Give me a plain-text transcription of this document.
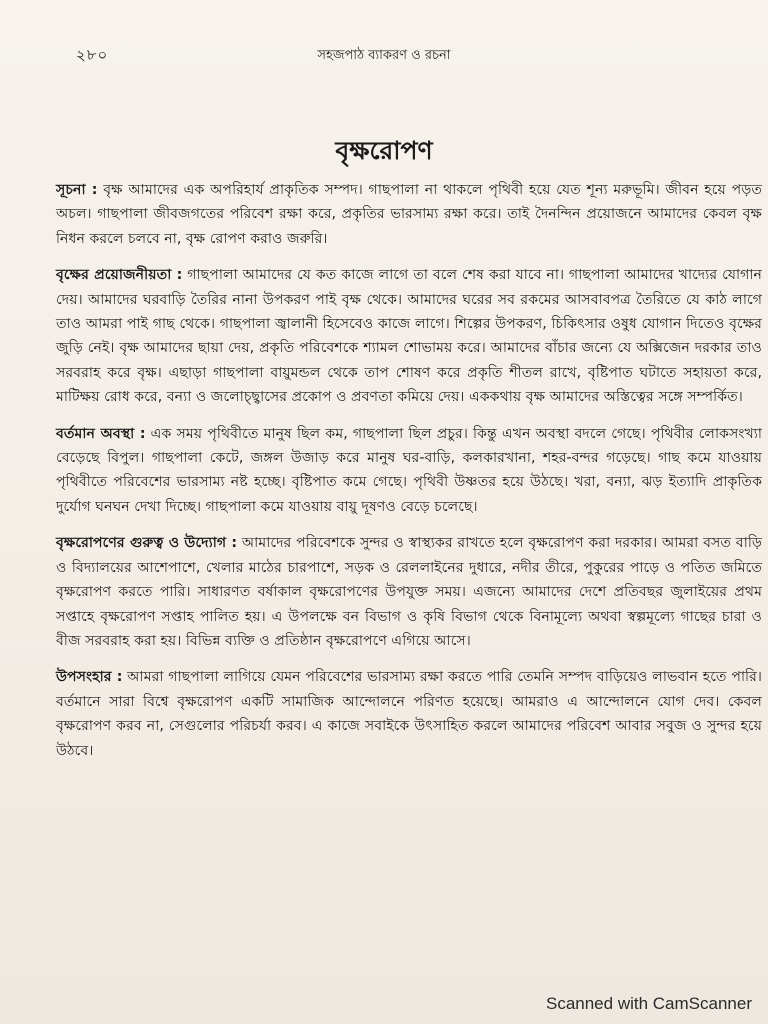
২৮০	সহজপাঠ ব্যাকরণ ও রচনা
বৃক্ষরোপণ

সূচনা : বৃক্ষ আমাদের এক অপরিহার্য প্রাকৃতিক সম্পদ। গাছপালা না থাকলে পৃথিবী হয়ে যেত শূন্য মরুভূমি। জীবন হয়ে পড়ত অচল। গাছপালা জীবজগতের পরিবেশ রক্ষা করে, প্রকৃতির ভারসাম্য রক্ষা করে। তাই দৈনন্দিন প্রয়োজনে আমাদের কেবল বৃক্ষ নিধন করলে চলবে না, বৃক্ষ রোপণ করাও জরুরি।

বৃক্ষের প্রয়োজনীয়তা : গাছপালা আমাদের যে কত কাজে লাগে তা বলে শেষ করা যাবে না। গাছপালা আমাদের খাদ্যের যোগান দেয়। আমাদের ঘরবাড়ি তৈরির নানা উপকরণ পাই বৃক্ষ থেকে। আমাদের ঘরের সব রকমের আসবাবপত্র তৈরিতে যে কাঠ লাগে তাও আমরা পাই গাছ থেকে। গাছপালা জ্বালানী হিসেবেও কাজে লাগে। শিল্পের উপকরণ, চিকিৎসার ওষুধ যোগান দিতেও বৃক্ষের জুড়ি নেই। বৃক্ষ আমাদের ছায়া দেয়, প্রকৃতি পরিবেশকে শ্যামল শোভাময় করে। আমাদের বাঁচার জন্যে যে অক্সিজেন দরকার তাও সরবরাহ করে বৃক্ষ। এছাড়া গাছপালা বায়ুমন্ডল থেকে তাপ শোষণ করে প্রকৃতি শীতল রাখে, বৃষ্টিপাত ঘটাতে সহায়তা করে, মাটিক্ষয় রোধ করে, বন্যা ও জলোচ্ছ্বাসের প্রকোপ ও প্রবণতা কমিয়ে দেয়। এককথায় বৃক্ষ আমাদের অস্তিত্বের সঙ্গে সম্পর্কিত।

বর্তমান অবস্থা : এক সময় পৃথিবীতে মানুষ ছিল কম, গাছপালা ছিল প্রচুর। কিন্তু এখন অবস্থা বদলে গেছে। পৃথিবীর লোকসংখ্যা বেড়েছে বিপুল। গাছপালা কেটে, জঙ্গল উজাড় করে মানুষ ঘর-বাড়ি, কলকারখানা, শহর-বন্দর গড়েছে। গাছ কমে যাওয়ায় পৃথিবীতে পরিবেশের ভারসাম্য নষ্ট হচ্ছে। বৃষ্টিপাত কমে গেছে। পৃথিবী উষ্ণতর হয়ে উঠছে। খরা, বন্যা, ঝড় ইত্যাদি প্রাকৃতিক দুর্যোগ ঘনঘন দেখা দিচ্ছে। গাছপালা কমে যাওয়ায় বায়ু দূষণও বেড়ে চলেছে।

বৃক্ষরোপণের গুরুত্ব ও উদ্যোগ : আমাদের পরিবেশকে সুন্দর ও স্বাস্থ্যকর রাখতে হলে বৃক্ষরোপণ করা দরকার। আমরা বসত বাড়ি ও বিদ্যালয়ের আশেপাশে, খেলার মাঠের চারপাশে, সড়ক ও রেললাইনের দুধারে, নদীর তীরে, পুকুরের পাড়ে ও পতিত জমিতে বৃক্ষরোপণ করতে পারি। সাধারণত বর্ষাকাল বৃক্ষরোপণের উপযুক্ত সময়। এজন্যে আমাদের দেশে প্রতিবছর জুলাইয়ের প্রথম সপ্তাহে বৃক্ষরোপণ সপ্তাহ পালিত হয়। এ উপলক্ষে বন বিভাগ ও কৃষি বিভাগ থেকে বিনামূল্যে অথবা স্বল্পমূল্যে গাছের চারা ও বীজ সরবরাহ করা হয়। বিভিন্ন ব্যক্তি ও প্রতিষ্ঠান বৃক্ষরোপণে এগিয়ে আসে।

উপসংহার : আমরা গাছপালা লাগিয়ে যেমন পরিবেশের ভারসাম্য রক্ষা করতে পারি তেমনি সম্পদ বাড়িয়েও লাভবান হতে পারি। বর্তমানে সারা বিশ্বে বৃক্ষরোপণ একটি সামাজিক আন্দোলনে পরিণত হয়েছে। আমরাও এ আন্দোলনে যোগ দেব। কেবল বৃক্ষরোপণ করব না, সেগুলোর পরিচর্যা করব। এ কাজে সবাইকে উৎসাহিত করলে আমাদের পরিবেশ আবার সবুজ ও সুন্দর হয়ে উঠবে।

Scanned with CamScanner
